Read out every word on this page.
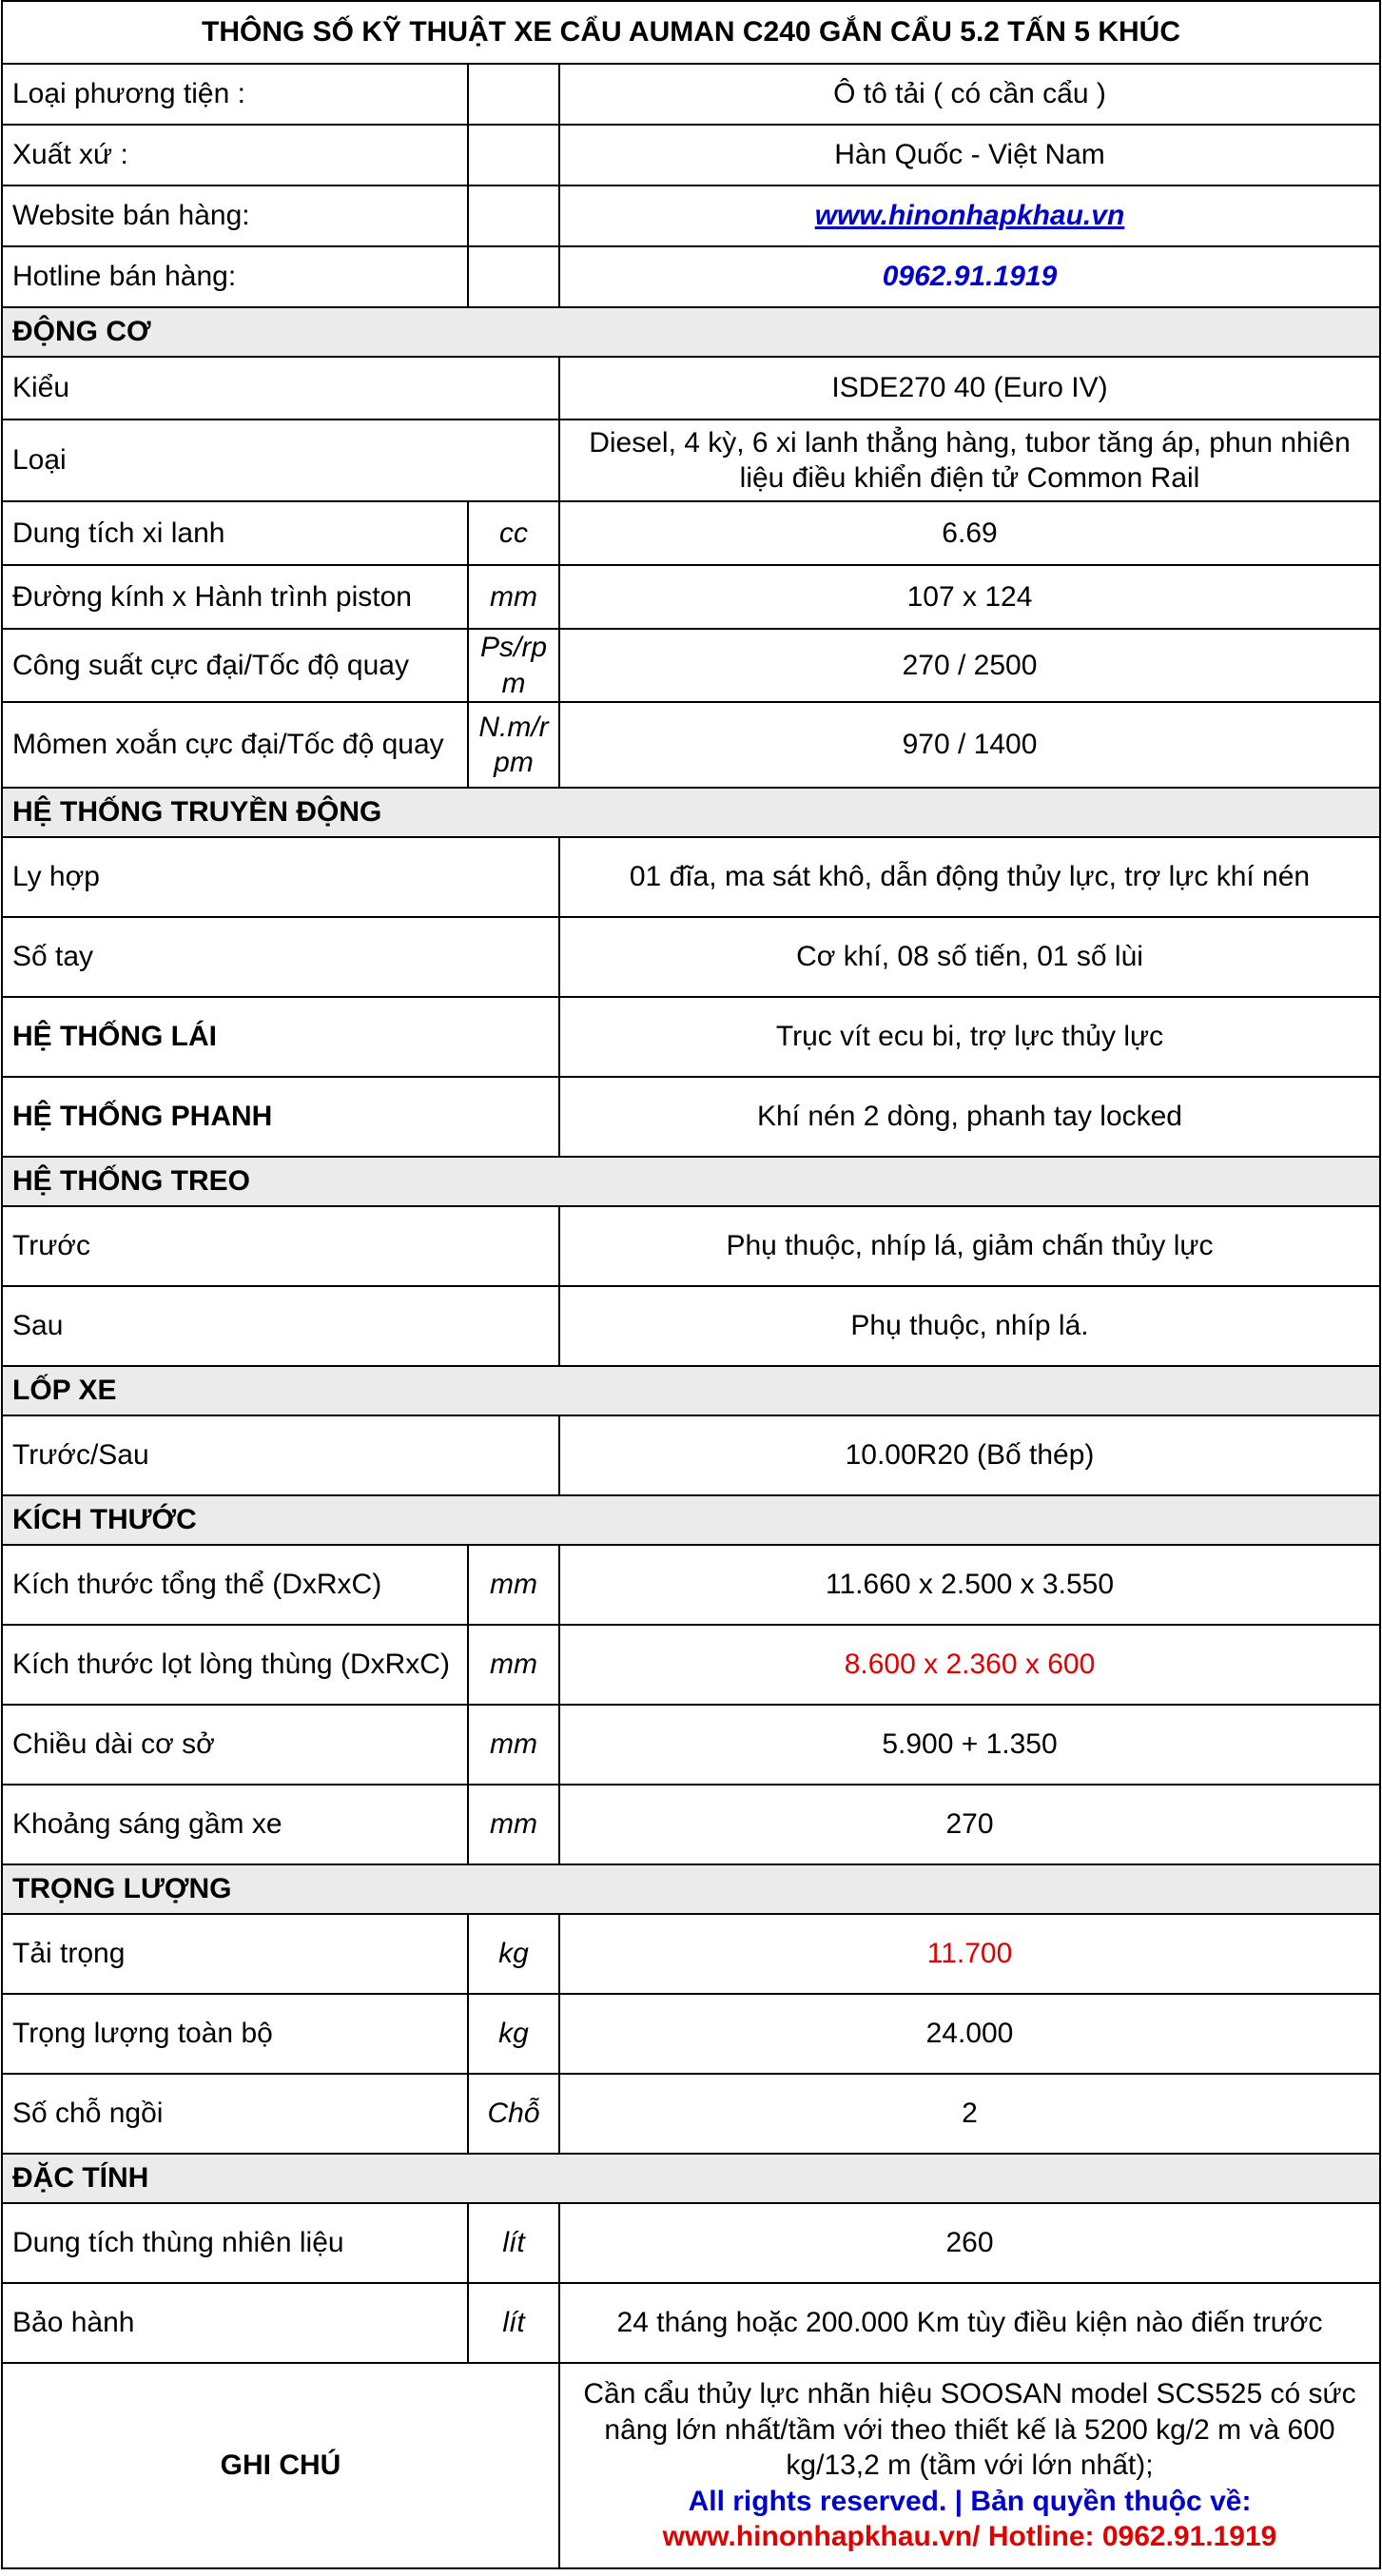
THÔNG SỐ KỸ THUẬT XE CẨU AUMAN C240 GẮN CẨU 5.2 TẤN 5 KHÚC		
Loại phương tiện :		Ô tô tải ( có cần cẩu )
Xuất xứ :		Hàn Quốc - Việt Nam
Website bán hàng:		www.hinonhapkhau.vn
Hotline bán hàng:		0962.91.1919
ĐỘNG CƠ		
Kiểu		ISDE270 40 (Euro IV)
Loại		Diesel, 4 kỳ, 6 xi lanh thẳng hàng, tubor tăng áp, phun nhiên liệu điều khiển điện tử Common Rail
Dung tích xi lanh	cc	6.69
Đường kính x Hành trình piston	mm	107 x 124
Công suất cực đại/Tốc độ quay	Ps/rpm	270 / 2500
Mômen xoắn cực đại/Tốc độ quay	N.m/rpm	970 / 1400
HỆ THỐNG TRUYỀN ĐỘNG		
Ly hợp		01 đĩa, ma sát khô, dẫn động thủy lực, trợ lực khí nén
Số tay		Cơ khí, 08 số tiến, 01 số lùi
HỆ THỐNG LÁI		Trục vít ecu bi, trợ lực thủy lực
HỆ THỐNG PHANH		Khí nén 2 dòng, phanh tay locked
HỆ THỐNG TREO		
Trước		Phụ thuộc, nhíp lá, giảm chấn thủy lực
Sau		Phụ thuộc, nhíp lá.
LỐP XE		
Trước/Sau		10.00R20 (Bố thép)
KÍCH THƯỚC		
Kích thước tổng thể (DxRxC)	mm	11.660 x 2.500 x 3.550
Kích thước lọt lòng thùng (DxRxC)	mm	8.600 x 2.360 x 600
Chiều dài cơ sở	mm	5.900 + 1.350
Khoảng sáng gầm xe	mm	270
TRỌNG LƯỢNG		
Tải trọng	kg	11.700
Trọng lượng toàn bộ	kg	24.000
Số chỗ ngồi	Chỗ	2
ĐẶC TÍNH		
Dung tích thùng nhiên liệu	lít	260
Bảo hành	lít	24 tháng hoặc 200.000 Km tùy điều kiện nào điến trước
GHI CHÚ		Cần cẩu thủy lực nhãn hiệu SOOSAN model SCS525 có sức nâng lớn nhất/tầm với theo thiết kế là 5200 kg/2 m và 600 kg/13,2 m (tầm với lớn nhất);
All rights reserved. | Bản quyền thuộc về:
www.hinonhapkhau.vn/ Hotline: 0962.91.1919
